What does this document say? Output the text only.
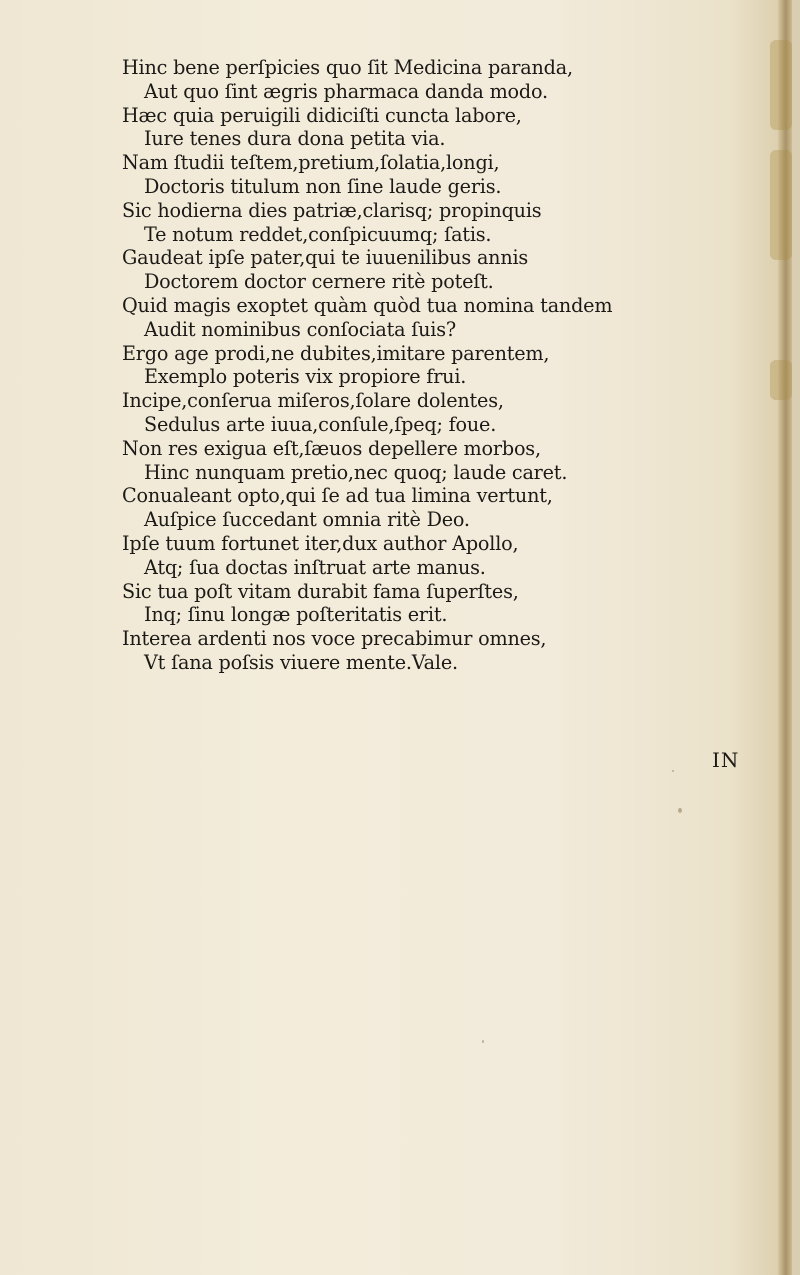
Hinc bene perſpicies quo ſit Medicina paranda,
Aut quo ſint ægris pharmaca danda modo.
Hæc quia peruigili didiciſti cuncta labore,
Iure tenes dura dona petita via.
Nam ſtudii teſtem,pretium,ſolatia,longi,
Doctoris titulum non ſine laude geris.
Sic hodierna dies patriæ,clarisq; propinquis
Te notum reddet,conſpicuumq; ſatis.
Gaudeat ipſe pater,qui te iuuenilibus annis
Doctorem doctor cernere ritè poteſt.
Quid magis exoptet quàm quòd tua nomina tandem
Audit nominibus conſociata ſuis?
Ergo age prodi,ne dubites,imitare parentem,
Exemplo poteris vix propiore frui.
Incipe,conſerua miſeros,ſolare dolentes,
Sedulus arte iuua,conſule,ſpeq; foue.
Non res exigua eſt,ſæuos depellere morbos,
Hinc nunquam pretio,nec quoq; laude caret.
Conualeant opto,qui ſe ad tua limina vertunt,
Auſpice ſuccedant omnia ritè Deo.
Ipſe tuum fortunet iter,dux author Apollo,
Atq; ſua doctas inſtruat arte manus.
Sic tua poſt vitam durabit fama ſuperſtes,
Inq; ſinu longæ poſteritatis erit.
Interea ardenti nos voce precabimur omnes,
Vt ſana poſsis viuere mente.Vale.
IN
